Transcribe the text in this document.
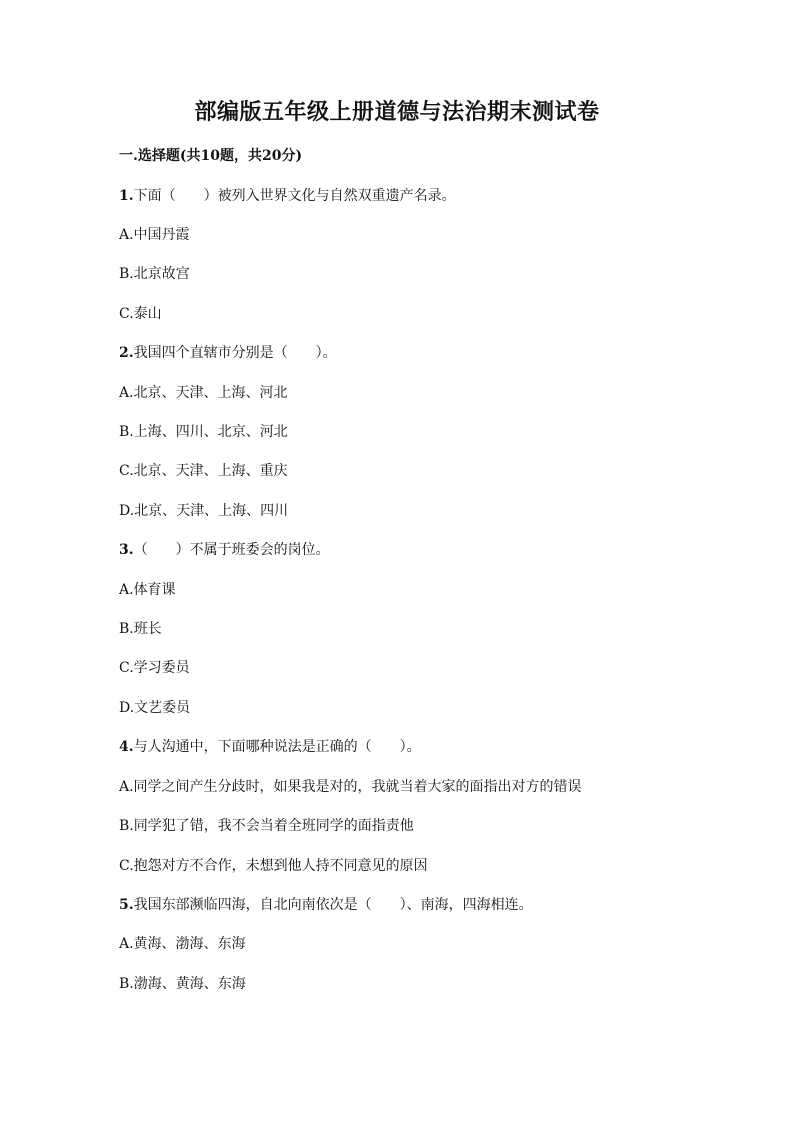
部编版五年级上册道德与法治期末测试卷
一.选择题(共10题，共20分)
1.下面（　　）被列入世界文化与自然双重遗产名录。
A.中国丹霞
B.北京故宫
C.泰山
2.我国四个直辖市分别是（　　）。
A.北京、天津、上海、河北
B.上海、四川、北京、河北
C.北京、天津、上海、重庆
D.北京、天津、上海、四川
3.（　　）不属于班委会的岗位。
A.体育课
B.班长
C.学习委员
D.文艺委员
4.与人沟通中，下面哪种说法是正确的（　　）。
A.同学之间产生分歧时，如果我是对的，我就当着大家的面指出对方的错误
B.同学犯了错，我不会当着全班同学的面指责他
C.抱怨对方不合作，未想到他人持不同意见的原因
5.我国东部濒临四海，自北向南依次是（　　）、南海，四海相连。
A.黄海、渤海、东海
B.渤海、黄海、东海
